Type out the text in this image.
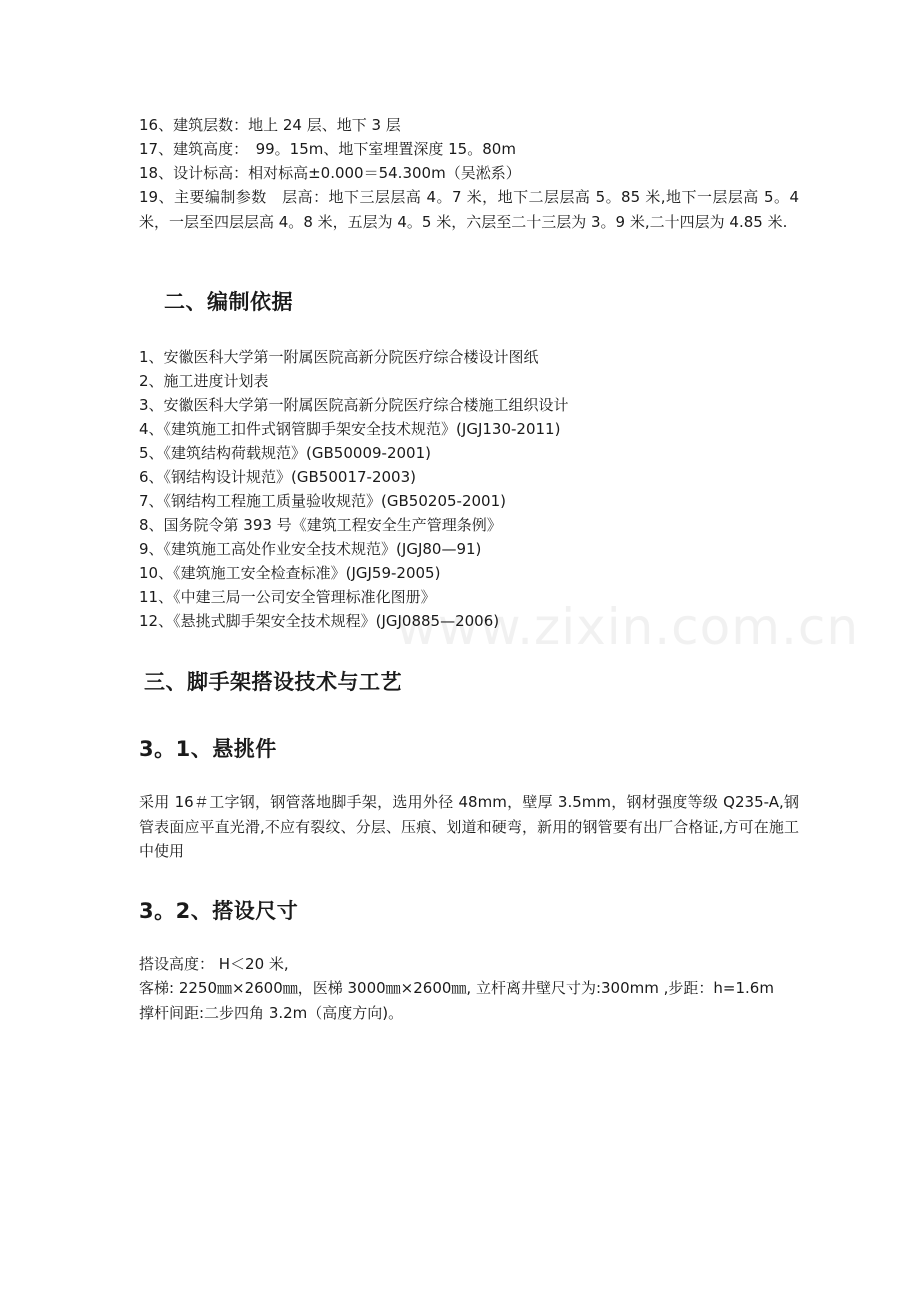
www.zixin.com.cn
16、建筑层数：地上 24 层、地下 3 层
17、建筑高度：　99。15m、地下室埋置深度 15。80m
18、设计标高：相对标高±0.000＝54.300m（吴淞系）
19、主要编制参数　层高：地下三层层高 4。7 米，地下二层层高 5。85 米,地下一层层高 5。4 米，一层至四层层高 4。8 米，五层为 4。5 米，六层至二十三层为 3。9 米,二十四层为 4.85 米.
二、编制依据
1、安徽医科大学第一附属医院高新分院医疗综合楼设计图纸
2、施工进度计划表
3、安徽医科大学第一附属医院高新分院医疗综合楼施工组织设计
4、《建筑施工扣件式钢管脚手架安全技术规范》(JGJ130-2011)
5、《建筑结构荷载规范》(GB50009-2001)
6、《钢结构设计规范》(GB50017-2003)
7、《钢结构工程施工质量验收规范》(GB50205-2001)
8、国务院令第 393 号《建筑工程安全生产管理条例》
9、《建筑施工高处作业安全技术规范》(JGJ80—91)
10、《建筑施工安全检查标准》(JGJ59-2005)
11、《中建三局一公司安全管理标准化图册》
12、《悬挑式脚手架安全技术规程》(JGJ0885—2006)
三、脚手架搭设技术与工艺
3。1、悬挑件
采用 16＃工字钢，钢管落地脚手架，选用外径 48mm，壁厚 3.5mm，钢材强度等级 Q235-A,钢管表面应平直光滑,不应有裂纹、分层、压痕、划道和硬弯，新用的钢管要有出厂合格证,方可在施工中使用
3。2、搭设尺寸
搭设高度： H＜20 米,
客梯: 2250㎜×2600㎜，医梯 3000㎜×2600㎜, 立杆离井壁尺寸为:300mm ,步距：h=1.6m
撑杆间距:二步四角 3.2m（高度方向)。
